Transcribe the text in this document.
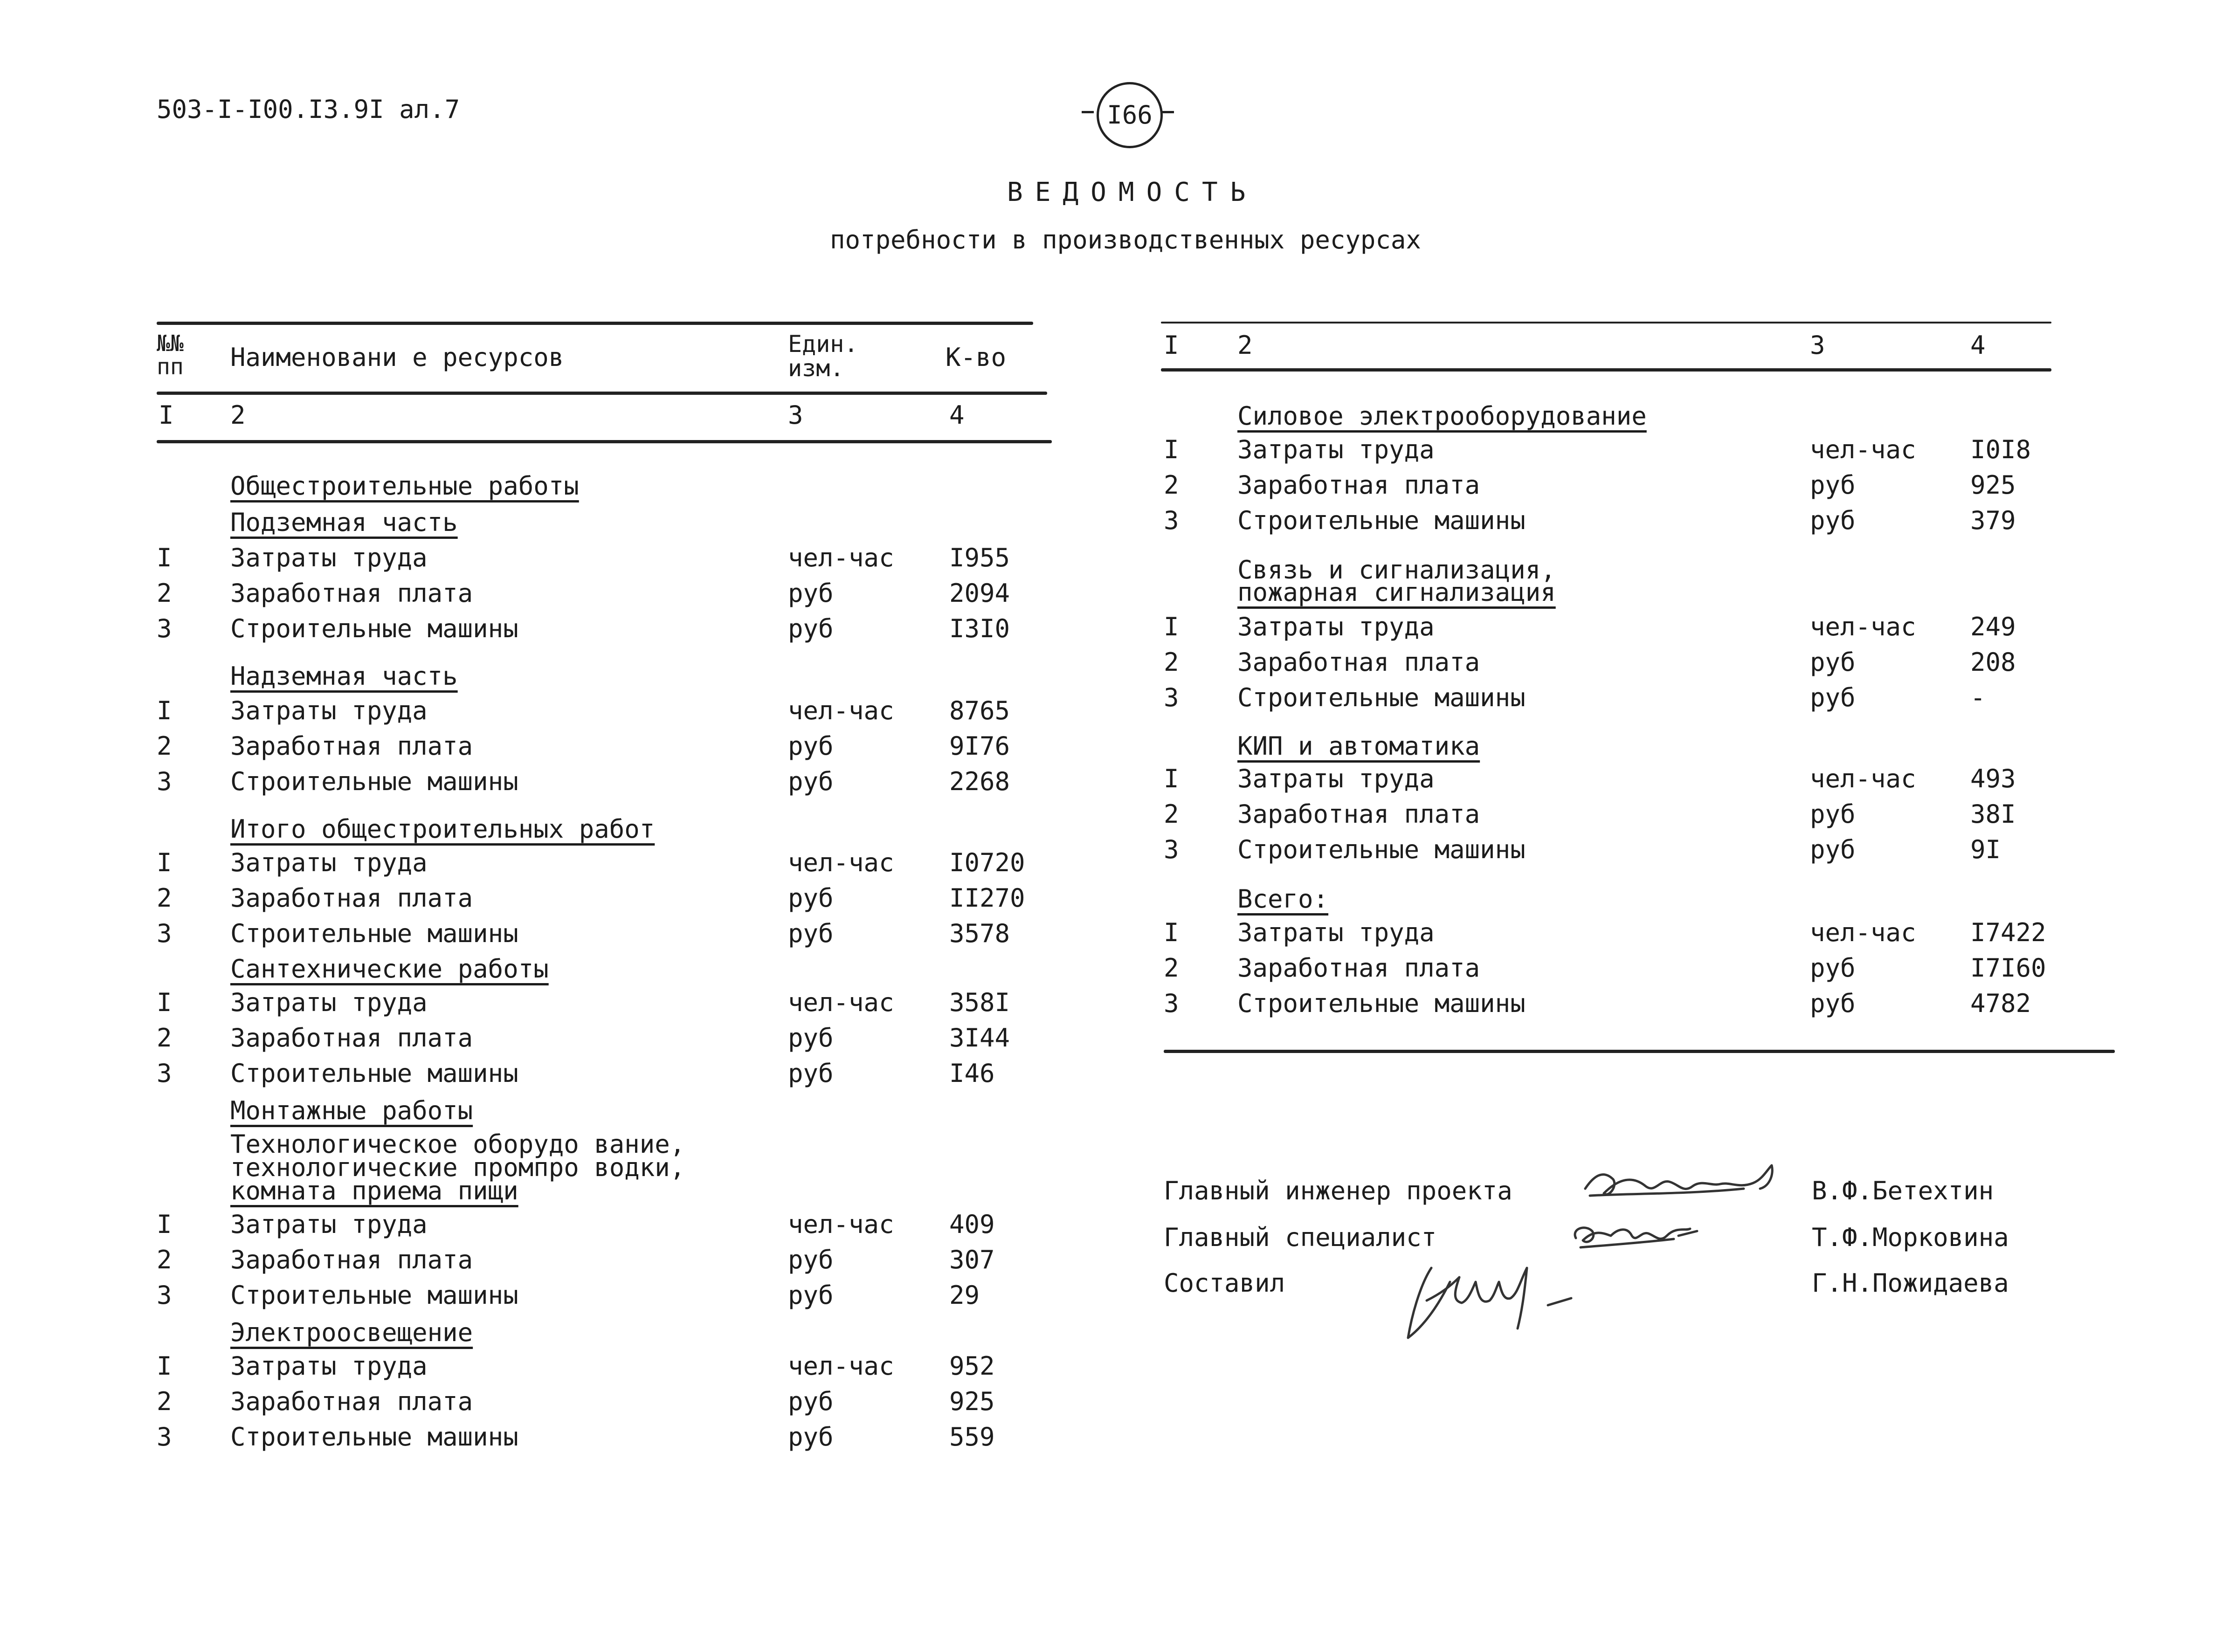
503-I-I00.I3.9I ал.7	I66
ВЕДОМОСТЬ
потребности в производственных ресурсах
№№
пп Наименовани е ресурсов	Един.
изм.	К-во
I 2	3	4
Общестроительные работы
Подземная часть
I Затраты труда	чел-час I955
2 Заработная плата	руб	2094
3 Строительные машины	руб	I3I0
Надземная часть
I Затраты труда	чел-час 8765
2 Заработная плата	руб	9I76
3 Строительные машины	руб	2268
Итого общестроительных работ
I Затраты труда	чел-час I0720
2 Заработная плата	руб	II270
3 Строительные машины	руб	3578
Сантехнические работы
I Затраты труда	чел-час 358I
2 Заработная плата	руб	3I44
3 Строительные машины	руб	I46
Монтажные работы
Технологическое оборудо вание,
технологические промпро водки,
комната приема пищи
I Затраты труда	чел-час 409
2 Заработная плата	руб	307
3 Строительные машины	руб	29
Электроосвещение
I Затраты труда	чел-час 952
2 Заработная плата	руб	925
3 Строительные машины	руб	559
I 2	3	4
Силовое электрооборудование
I Затраты труда	чел-час I0I8
2 Заработная плата	руб	925
3 Строительные машины	руб	379
Связь и сигнализация,
пожарная сигнализация
I Затраты труда	чел-час 249
2 Заработная плата	руб	208
3 Строительные машины	руб	-
КИП и автоматика
I Затраты труда	чел-час 493
2 Заработная плата	руб	38I
3 Строительные машины	руб	9I
Всего:
I Затраты труда	чел-час I7422
2 Заработная плата	руб	I7I60
3 Строительные машины	руб	4782
Главный инженер проекта	В.Ф.Бетехтин
Главный специалист	Т.Ф.Морковина
Составил	Г.Н.Пожидаева
